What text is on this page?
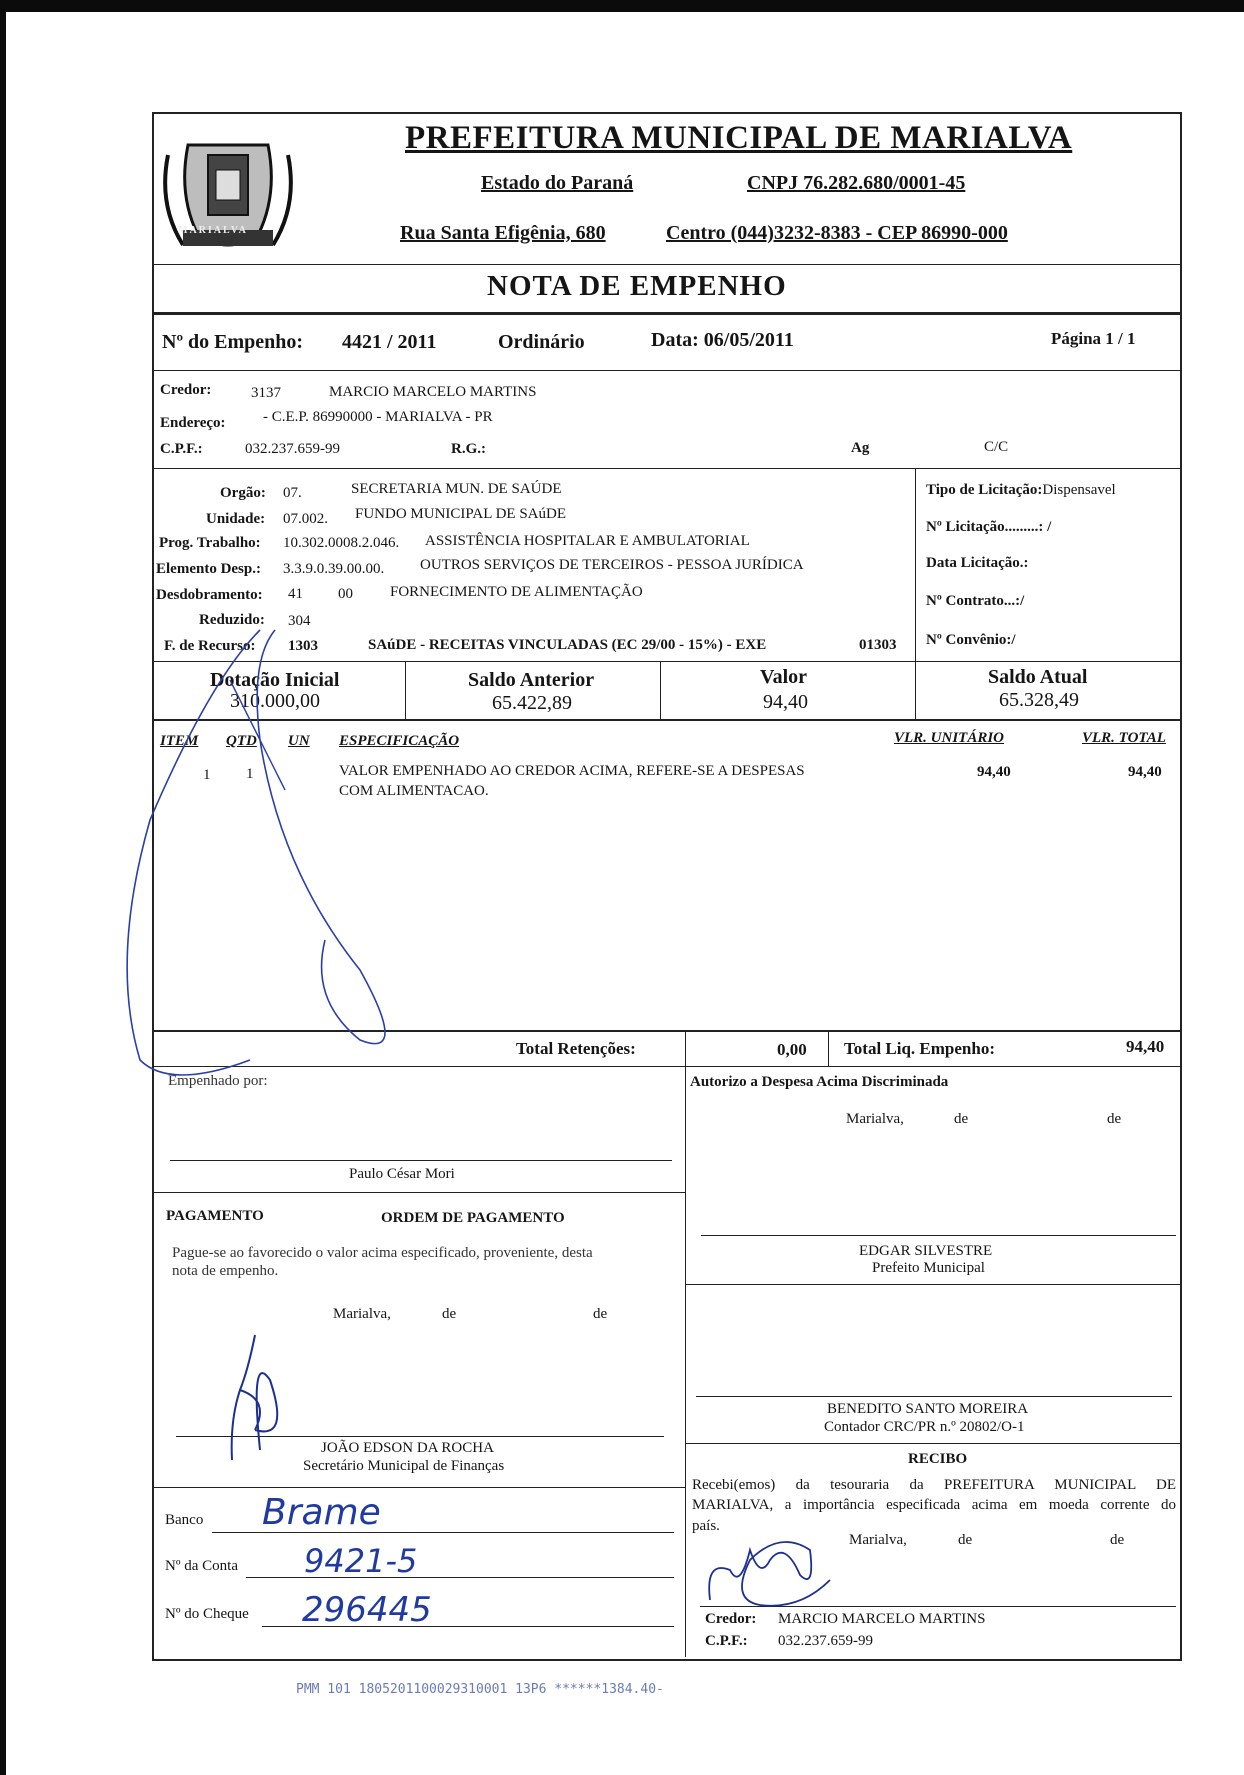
MARIALVA
PREFEITURA MUNICIPAL DE MARIALVA
Estado do Paraná	CNPJ 76.282.680/0001-45
Rua Santa Efigênia, 680	Centro (044)3232-8383 - CEP 86990-000
NOTA DE EMPENHO
Nº do Empenho: 4421 / 2011	Ordinário	Data: 06/05/2011	Página 1 / 1
Credor:	3137	MARCIO MARCELO MARTINS
Endereço: - C.E.P. 86990000 - MARIALVA - PR
C.P.F.:	032.237.659-99	R.G.:	Ag	C/C
Orgão: 07.	SECRETARIA MUN. DE SAÚDE
Unidade: 07.002. FUNDO MUNICIPAL DE SAúDE
Prog. Trabalho: 10.302.0008.2.046. ASSISTÊNCIA HOSPITALAR E AMBULATORIAL
Elemento Desp.: 3.3.9.0.39.00.00. OUTROS SERVIÇOS DE TERCEIROS - PESSOA JURÍDICA
Desdobramento: 41 00 FORNECIMENTO DE ALIMENTAÇÃO
Reduzido: 304
F. de Recurso: 1303	SAúDE - RECEITAS VINCULADAS (EC 29/00 - 15%) - EXE	01303
Tipo de Licitação:Dispensavel
Nº Licitação.........: /
Data Licitação.:
Nº Contrato...:/
Nº Convênio:/
Dotação Inicial
310.000,00
Saldo Anterior
65.422,89
Valor
94,40
Saldo Atual
65.328,49
ITEM QTD UN ESPECIFICAÇÃO	VLR. UNITÁRIO	VLR. TOTAL
1 1	VALOR EMPENHADO AO CREDOR ACIMA, REFERE-SE A DESPESAS
COM ALIMENTACAO.
94,40	94,40
Total Retenções:	0,00 Total Liq. Empenho:	94,40
Empenhado por:
Paulo César Mori
Autorizo a Despesa Acima Discriminada
Marialva,	de	de
EDGAR SILVESTRE
Prefeito Municipal
PAGAMENTO	ORDEM DE PAGAMENTO
Pague-se ao favorecido o valor acima especificado, proveniente, desta
nota de empenho.
Marialva,	de	de
JOÃO EDSON DA ROCHA
Secretário Municipal de Finanças
BENEDITO SANTO MOREIRA
Contador CRC/PR n.º 20802/O-1
RECIBO
Recebi(emos) da tesouraria da PREFEITURA MUNICIPAL DE
MARIALVA, a importância especificada acima em moeda corrente do
país.
Marialva,	de	de
Credor: MARCIO MARCELO MARTINS
C.P.F.: 032.237.659-99
Banco Brame
Nº da Conta 9421-5
Nº do Cheque 296445
PMM 101 1805201100029310001 13P6 ******1384.40-
